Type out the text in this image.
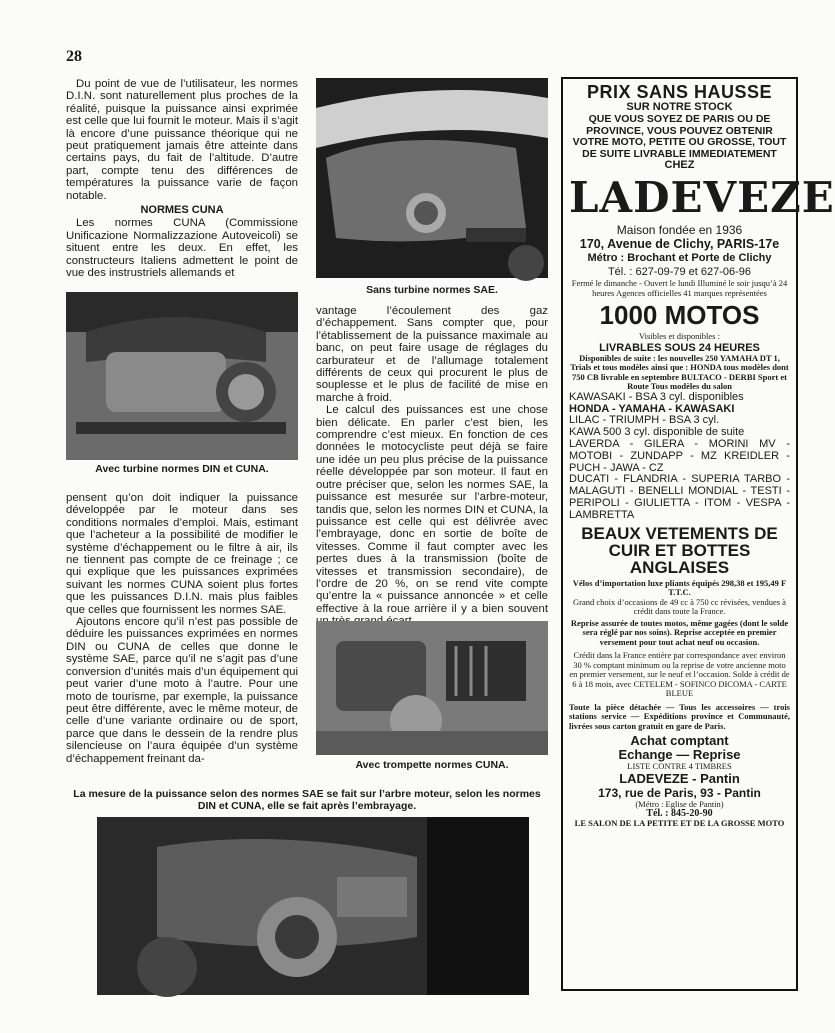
28

Du point de vue de l’utilisateur, les normes D.I.N. sont naturellement plus proches de la réalité, puisque la puissance ainsi exprimée est celle que lui fournit le moteur. Mais il s’agit là encore d’une puissance théorique qui ne peut pratiquement jamais être atteinte dans certains pays, du fait de l’altitude. D’autre part, compte tenu des différences de températures la puissance varie de façon notable.

NORMES CUNA

Les normes CUNA (Commissione Unificazione Normalizzazione Autoveicoli) se situent entre les deux. En effet, les constructeurs Italiens admettent le point de vue des instrustriels allemands et

Avec turbine normes DIN et CUNA.

pensent qu’on doit indiquer la puissance développée par le moteur dans ses conditions normales d’emploi. Mais, estimant que l’acheteur a la possibilité de modifier le système d’échappement ou le filtre à air, ils ne tiennent pas compte de ce freinage ; ce qui explique que les puissances exprimées suivant les normes CUNA soient plus fortes que les puissances D.I.N. mais plus faibles que celles que fournissent les normes SAE.

Ajoutons encore qu’il n’est pas possible de déduire les puissances exprimées en normes DIN ou CUNA de celles que donne le système SAE, parce qu’il ne s’agit pas d’une conversion d’unités mais d’un équipement qui peut varier d’une moto à l’autre. Pour une moto de tourisme, par exemple, la puissance peut être différente, avec le même moteur, de celle d’une variante ordinaire ou de sport, parce que dans le dessein de la rendre plus silencieuse on l’aura équipée d’un système d’échappement freinant da-

Sans turbine normes SAE.

vantage l’écoulement des gaz d’échappement. Sans compter que, pour l’établissement de la puissance maximale au banc, on peut faire usage de réglages du carburateur et de l’allumage totalement différents de ceux qui procurent le plus de souplesse et le plus de facilité de mise en marche à froid.

Le calcul des puissances est une chose bien délicate. En parler c’est bien, les comprendre c’est mieux. En fonction de ces données le motocycliste peut déjà se faire une idée un peu plus précise de la puissance réelle développée par son moteur. Il faut en outre préciser que, selon les normes SAE, la puissance est mesurée sur l’arbre-moteur, tandis que, selon les normes DIN et CUNA, la puissance est celle qui est délivrée avec l’embrayage, donc en sortie de boîte de vitesses. Comme il faut compter avec les pertes dues à la transmission (boîte de vitesses et transmission secondaire), de l’ordre de 20 %, on se rend vite compte qu’entre la « puissance annoncée » et celle effective à la roue arrière il y a bien souvent

Avec trompette normes CUNA.
La mesure de la puissance selon des normes SAE se fait sur l’arbre moteur, selon les normes DIN et CUNA, elle se fait après l’embrayage.
PRIX SANS HAUSSE
SUR NOTRE STOCK
QUE VOUS SOYEZ DE PARIS OU DE PROVINCE, VOUS POUVEZ OBTENIR VOTRE MOTO, PETITE OU GROSSE, TOUT DE SUITE LIVRABLE IMMEDIATEMENT
CHEZ
LADEVEZE
Maison fondée en 1936
170, Avenue de Clichy, PARIS-17e
Métro : Brochant et Porte de Clichy
Tél. : 627-09-79 et 627-06-96
Fermé le dimanche - Ouvert le lundi Illuminé le soir jusqu’à 24 heures Agences officielles 41 marques représentées
1000 MOTOS
Visibles et disponibles :
LIVRABLES SOUS 24 HEURES
Disponibles de suite : les nouvelles 250 YAMAHA DT 1, Trials et tous modèles ainsi que : HONDA tous modèles dont 750 CB livrable en septembre BULTACO - DERBI Sport et Route Tous modèles du salon
KAWASAKI - BSA 3 cyl. disponibles
HONDA - YAMAHA - KAWASAKI
LILAC - TRIUMPH - BSA 3 cyl.
KAWA 500 3 cyl. disponible de suite
LAVERDA - GILERA - MORINI MV - MOTOBI - ZUNDAPP - MZ KREIDLER - PUCH - JAWA - CZ
DUCATI - FLANDRIA - SUPERIA TARBO - MALAGUTI - BENELLI MONDIAL - TESTI - PERIPOLI - GIULIETTA - ITOM - VESPA - LAMBRETTA
BEAUX VETEMENTS DE CUIR ET BOTTES ANGLAISES
Vélos d’importation luxe pliants équipés 298,38 et 195,49 F T.T.C.
Grand choix d’occasions de 49 cc à 750 cc révisées, vendues à crédit dans toute la France.
Reprise assurée de toutes motos, même gagées (dont le solde sera réglé par nos soins). Reprise acceptée en premier versement pour tout achat neuf ou occasion.
Crédit dans la France entière par correspondance avec environ 30 % comptant minimum ou la reprise de votre ancienne moto en premier versement, sur le neuf et l’occasion. Solde à crédit de 6 à 18 mois, avec CETELEM - SOFINCO DICOMA - CARTE BLEUE
Toute la pièce détachée — Tous les accessoires — trois stations service — Expéditions province et Communauté, livrées sous carton gratuit en gare de Paris.
Achat comptant
Echange — Reprise
LISTE CONTRE 4 TIMBRES
LADEVEZE - Pantin
173, rue de Paris, 93 - Pantin
(Métro : Eglise de Pantin)
Tél. : 845-20-90
LE SALON DE LA PETITE ET DE LA GROSSE MOTO
